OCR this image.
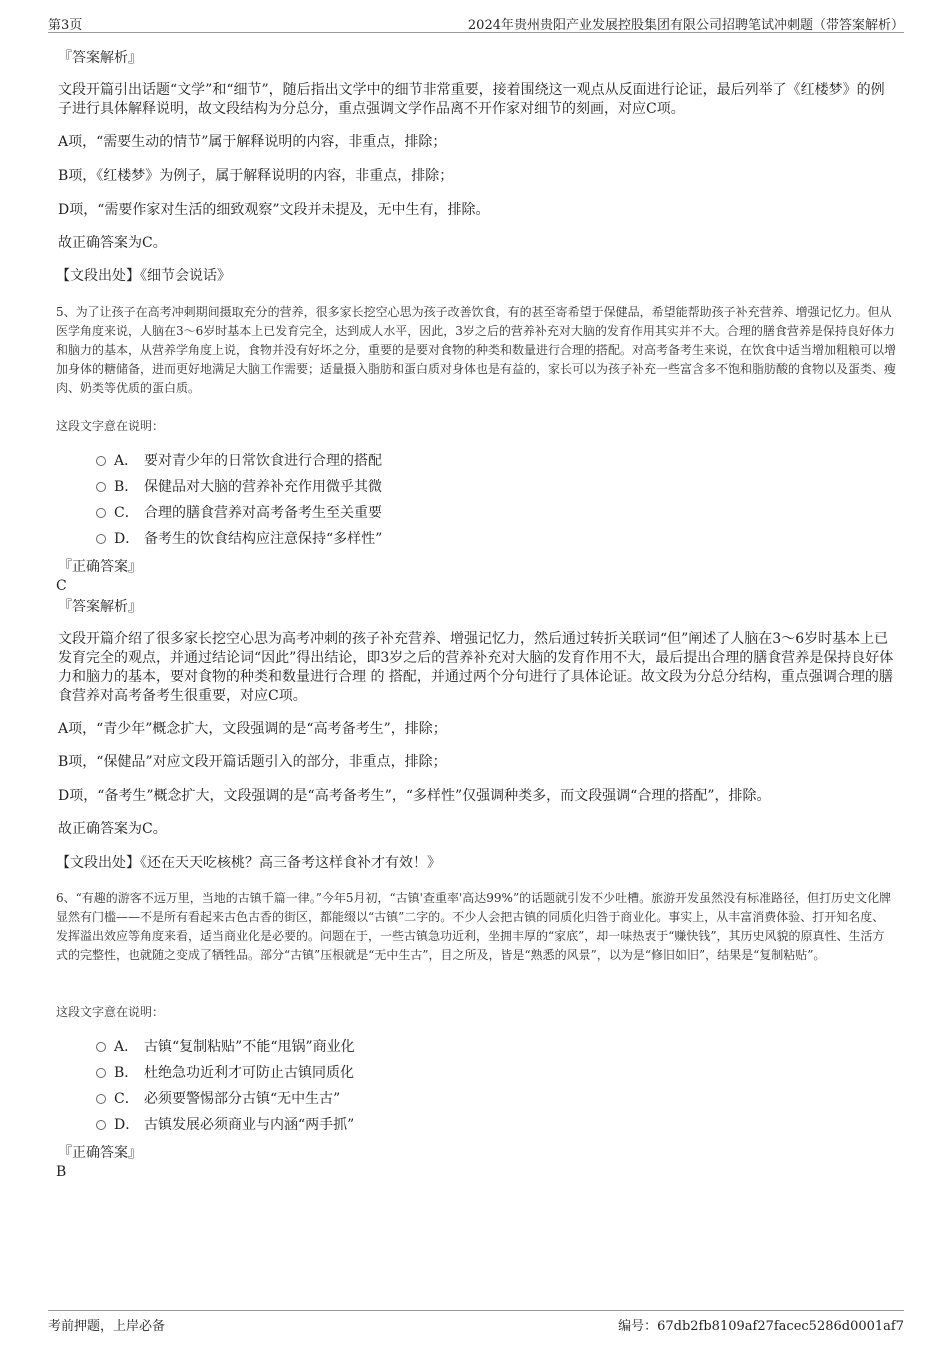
第3页	2024年贵州贵阳产业发展控股集团有限公司招聘笔试冲刺题（带答案解析）
『答案解析』
文段开篇引出话题“文学”和“细节”，随后指出文学中的细节非常重要，接着围绕这一观点从反面进行论证，最后列举了《红楼梦》的例子进行具体解释说明，故文段结构为分总分，重点强调文学作品离不开作家对细节的刻画，对应C项。
A项，“需要生动的情节”属于解释说明的内容，非重点，排除；
B项，《红楼梦》为例子，属于解释说明的内容，非重点，排除；
D项，“需要作家对生活的细致观察”文段并未提及，无中生有，排除。
故正确答案为C。
【文段出处】《细节会说话》
5、为了让孩子在高考冲刺期间摄取充分的营养，很多家长挖空心思为孩子改善饮食，有的甚至寄希望于保健品，希望能帮助孩子补充营养、增强记忆力。但从医学角度来说，人脑在3～6岁时基本上已发育完全，达到成人水平，因此，3岁之后的营养补充对大脑的发育作用其实并不大。合理的膳食营养是保持良好体力和脑力的基本，从营养学角度上说，食物并没有好坏之分，重要的是要对食物的种类和数量进行合理的搭配。对高考备考生来说，在饮食中适当增加粗粮可以增加身体的糖储备，进而更好地满足大脑工作需要；适量摄入脂肪和蛋白质对身体也是有益的，家长可以为孩子补充一些富含多不饱和脂肪酸的食物以及蛋类、瘦肉、奶类等优质的蛋白质。
这段文字意在说明：
A． 要对青少年的日常饮食进行合理的搭配
B． 保健品对大脑的营养补充作用微乎其微
C． 合理的膳食营养对高考备考生至关重要
D． 备考生的饮食结构应注意保持“多样性”
『正确答案』
C
『答案解析』
文段开篇介绍了很多家长挖空心思为高考冲刺的孩子补充营养、增强记忆力，然后通过转折关联词“但”阐述了人脑在3～6岁时基本上已发育完全的观点，并通过结论词“因此”得出结论，即3岁之后的营养补充对大脑的发育作用不大，最后提出合理的膳食营养是保持良好体力和脑力的基本，要对食物的种类和数量进行合理 的 搭配，并通过两个分句进行了具体论证。故文段为分总分结构，重点强调合理的膳食营养对高考备考生很重要，对应C项。
A项，“青少年”概念扩大，文段强调的是“高考备考生”，排除；
B项，“保健品”对应文段开篇话题引入的部分，非重点，排除；
D项，“备考生”概念扩大，文段强调的是“高考备考生”，“多样性”仅强调种类多，而文段强调“合理的搭配”，排除。
故正确答案为C。
【文段出处】《还在天天吃核桃？高三备考这样食补才有效！》
6、“有趣的游客不远万里，当地的古镇千篇一律。”今年5月初，“古镇'查重率'高达99%”的话题就引发不少吐槽。旅游开发虽然没有标准路径，但打历史文化牌显然有门槛——不是所有看起来古色古香的街区，都能缀以“古镇”二字的。不少人会把古镇的同质化归咎于商业化。事实上，从丰富消费体验、打开知名度、发挥溢出效应等角度来看，适当商业化是必要的。问题在于，一些古镇急功近利，坐拥丰厚的“家底”，却一味热衷于“赚快钱”，其历史风貌的原真性、生活方式的完整性，也就随之变成了牺牲品。部分“古镇”压根就是“无中生古”，目之所及，皆是“熟悉的风景”，以为是“修旧如旧”，结果是“复制粘贴”。
这段文字意在说明：
A． 古镇“复制粘贴”不能“甩锅”商业化
B． 杜绝急功近利才可防止古镇同质化
C． 必须要警惕部分古镇“无中生古”
D． 古镇发展必须商业与内涵“两手抓”
『正确答案』
B
考前押题，上岸必备	编号：67db2fb8109af27facec5286d0001af7
